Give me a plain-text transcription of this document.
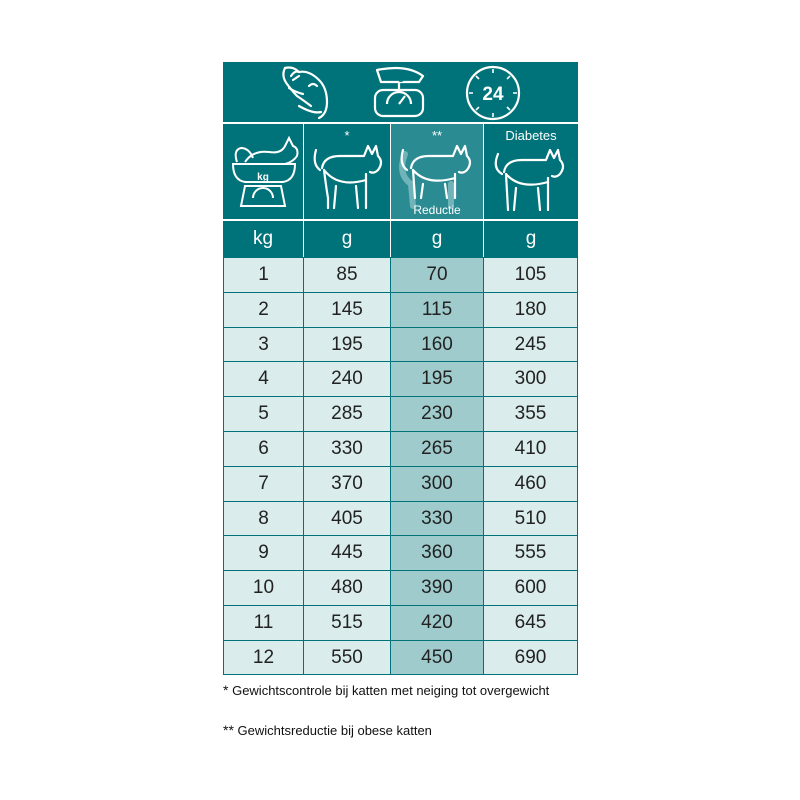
g
24
kg
*	**
Reductie
Diabetes
kg	g	g	g
1	85	70	105
2	145	115	180
3	195	160	245
4	240	195	300
5	285	230	355
6	330	265	410
7	370	300	460
8	405	330	510
9	445	360	555
10	480	390	600
11	515	420	645
12	550	450	690
* Gewichtscontrole bij katten met neiging tot overgewicht
** Gewichtsreductie bij obese katten
